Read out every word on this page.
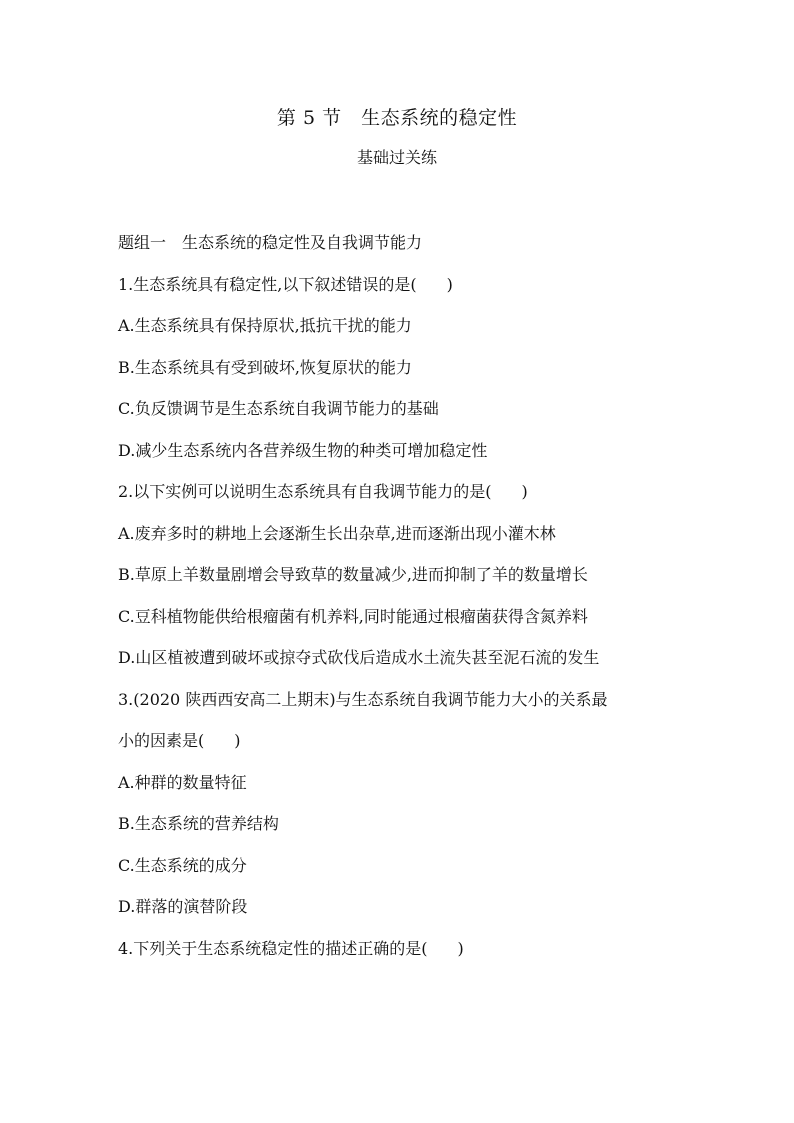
第 5 节　生态系统的稳定性
基础过关练
题组一　生态系统的稳定性及自我调节能力
1.生态系统具有稳定性,以下叙述错误的是( )
A.生态系统具有保持原状,抵抗干扰的能力
B.生态系统具有受到破坏,恢复原状的能力
C.负反馈调节是生态系统自我调节能力的基础
D.减少生态系统内各营养级生物的种类可增加稳定性
2.以下实例可以说明生态系统具有自我调节能力的是( )
A.废弃多时的耕地上会逐渐生长出杂草,进而逐渐出现小灌木林
B.草原上羊数量剧增会导致草的数量减少,进而抑制了羊的数量增长
C.豆科植物能供给根瘤菌有机养料,同时能通过根瘤菌获得含氮养料
D.山区植被遭到破坏或掠夺式砍伐后造成水土流失甚至泥石流的发生
3.(2020 陕西西安高二上期末)与生态系统自我调节能力大小的关系最
小的因素是( )
A.种群的数量特征
B.生态系统的营养结构
C.生态系统的成分
D.群落的演替阶段
4.下列关于生态系统稳定性的描述正确的是( )
